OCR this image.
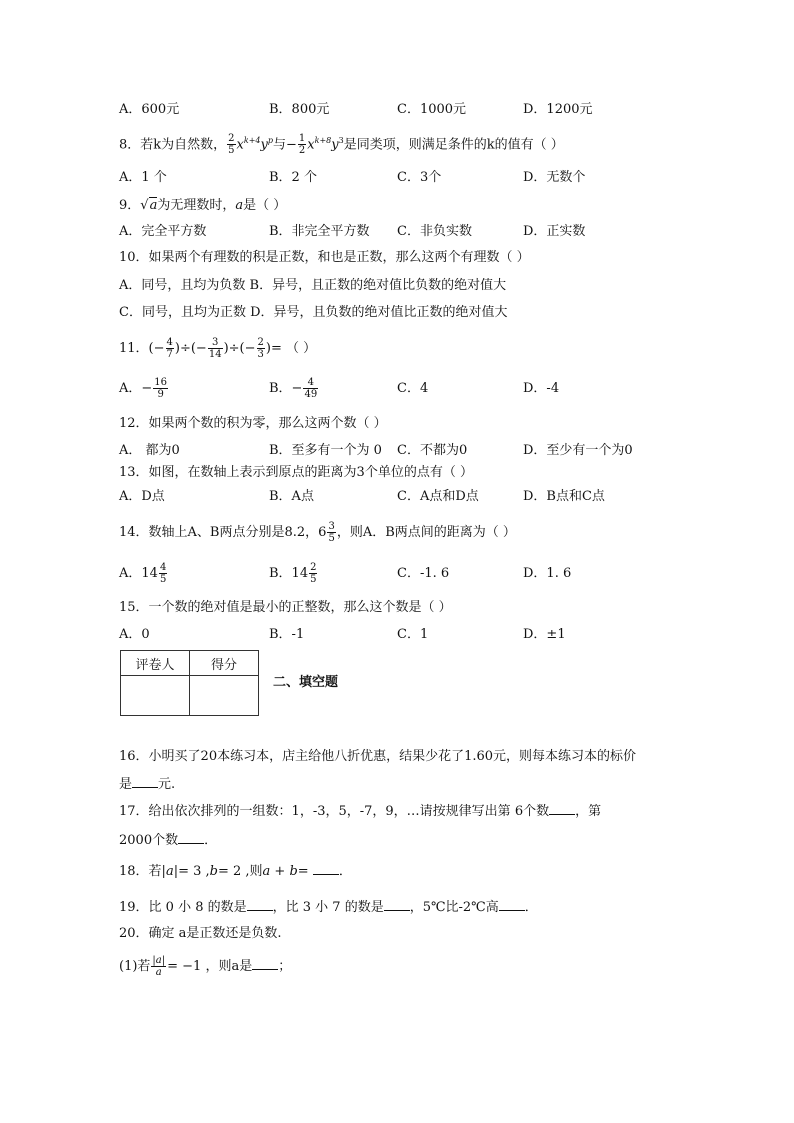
A．600元	B．800元	C．1000元	D．1200元
8．若k为自然数， $\frac{2}{5} x^{k+4}y^p$与− $\frac{1}{2} x^{k+8}y^3$是同类项，则满足条件的k的值有（ ）
A．1 个	B．2 个	C．3个	D．无数个
9．√a为无理数时，a是（ ）
A．完全平方数	B．非完全平方数 C．非负实数	D．正实数
10．如果两个有理数的积是正数，和也是正数，那么这两个有理数（ ）
A．同号，且均为负数 B．异号，且正数的绝对值比负数的绝对值大
C．同号，且均为正数 D．异号，且负数的绝对值比正数的绝对值大
11．(− $\frac{4}{7}$ )÷(− $\frac{3}{14}$ )÷(− $\frac{2}{3}$ )= （ ）
A．− $\frac{16}{9}$	B．− $\frac{4}{49}$	C．4	D．-4
12．如果两个数的积为零，那么这两个数（ ）
A． 都为0	B．至多有一个为 0 C．不都为0	D．至少有一个为0
13．如图，在数轴上表示到原点的距离为3个单位的点有（ ）
A．D点	B．A点	C．A点和D点	D．B点和C点
14．数轴上A、B两点分别是8.2，$6 \frac{3}{5}$ ，则A．B两点间的距离为（ ）
A．$14 \frac{4}{5}$	B．$14 \frac{2}{5}$	C．-1. 6	D．1. 6
15．一个数的绝对值是最小的正整数，那么这个数是（ ）
A．0	B．-1	C．1	D．±1
评卷人	得分

二、填空题
16．小明买了20本练习本，店主给他八折优惠，结果少花了1.60元，则每本练习本的标价
是 元.
17．给出依次排列的一组数：1，-3，5，-7，9，…请按规律写出第 6个数 ，第
2000个数 ．
18．若|a|= 3 ,b= 2 ,则a + b= ．
19．比 0 小 8 的数是 ，比 3 小 7 的数是 ，5℃比-2℃高 ．
20．确定 a是正数还是负数.
(1)若 $\frac{|a|}{a} = -1$ ，则a是 ；
